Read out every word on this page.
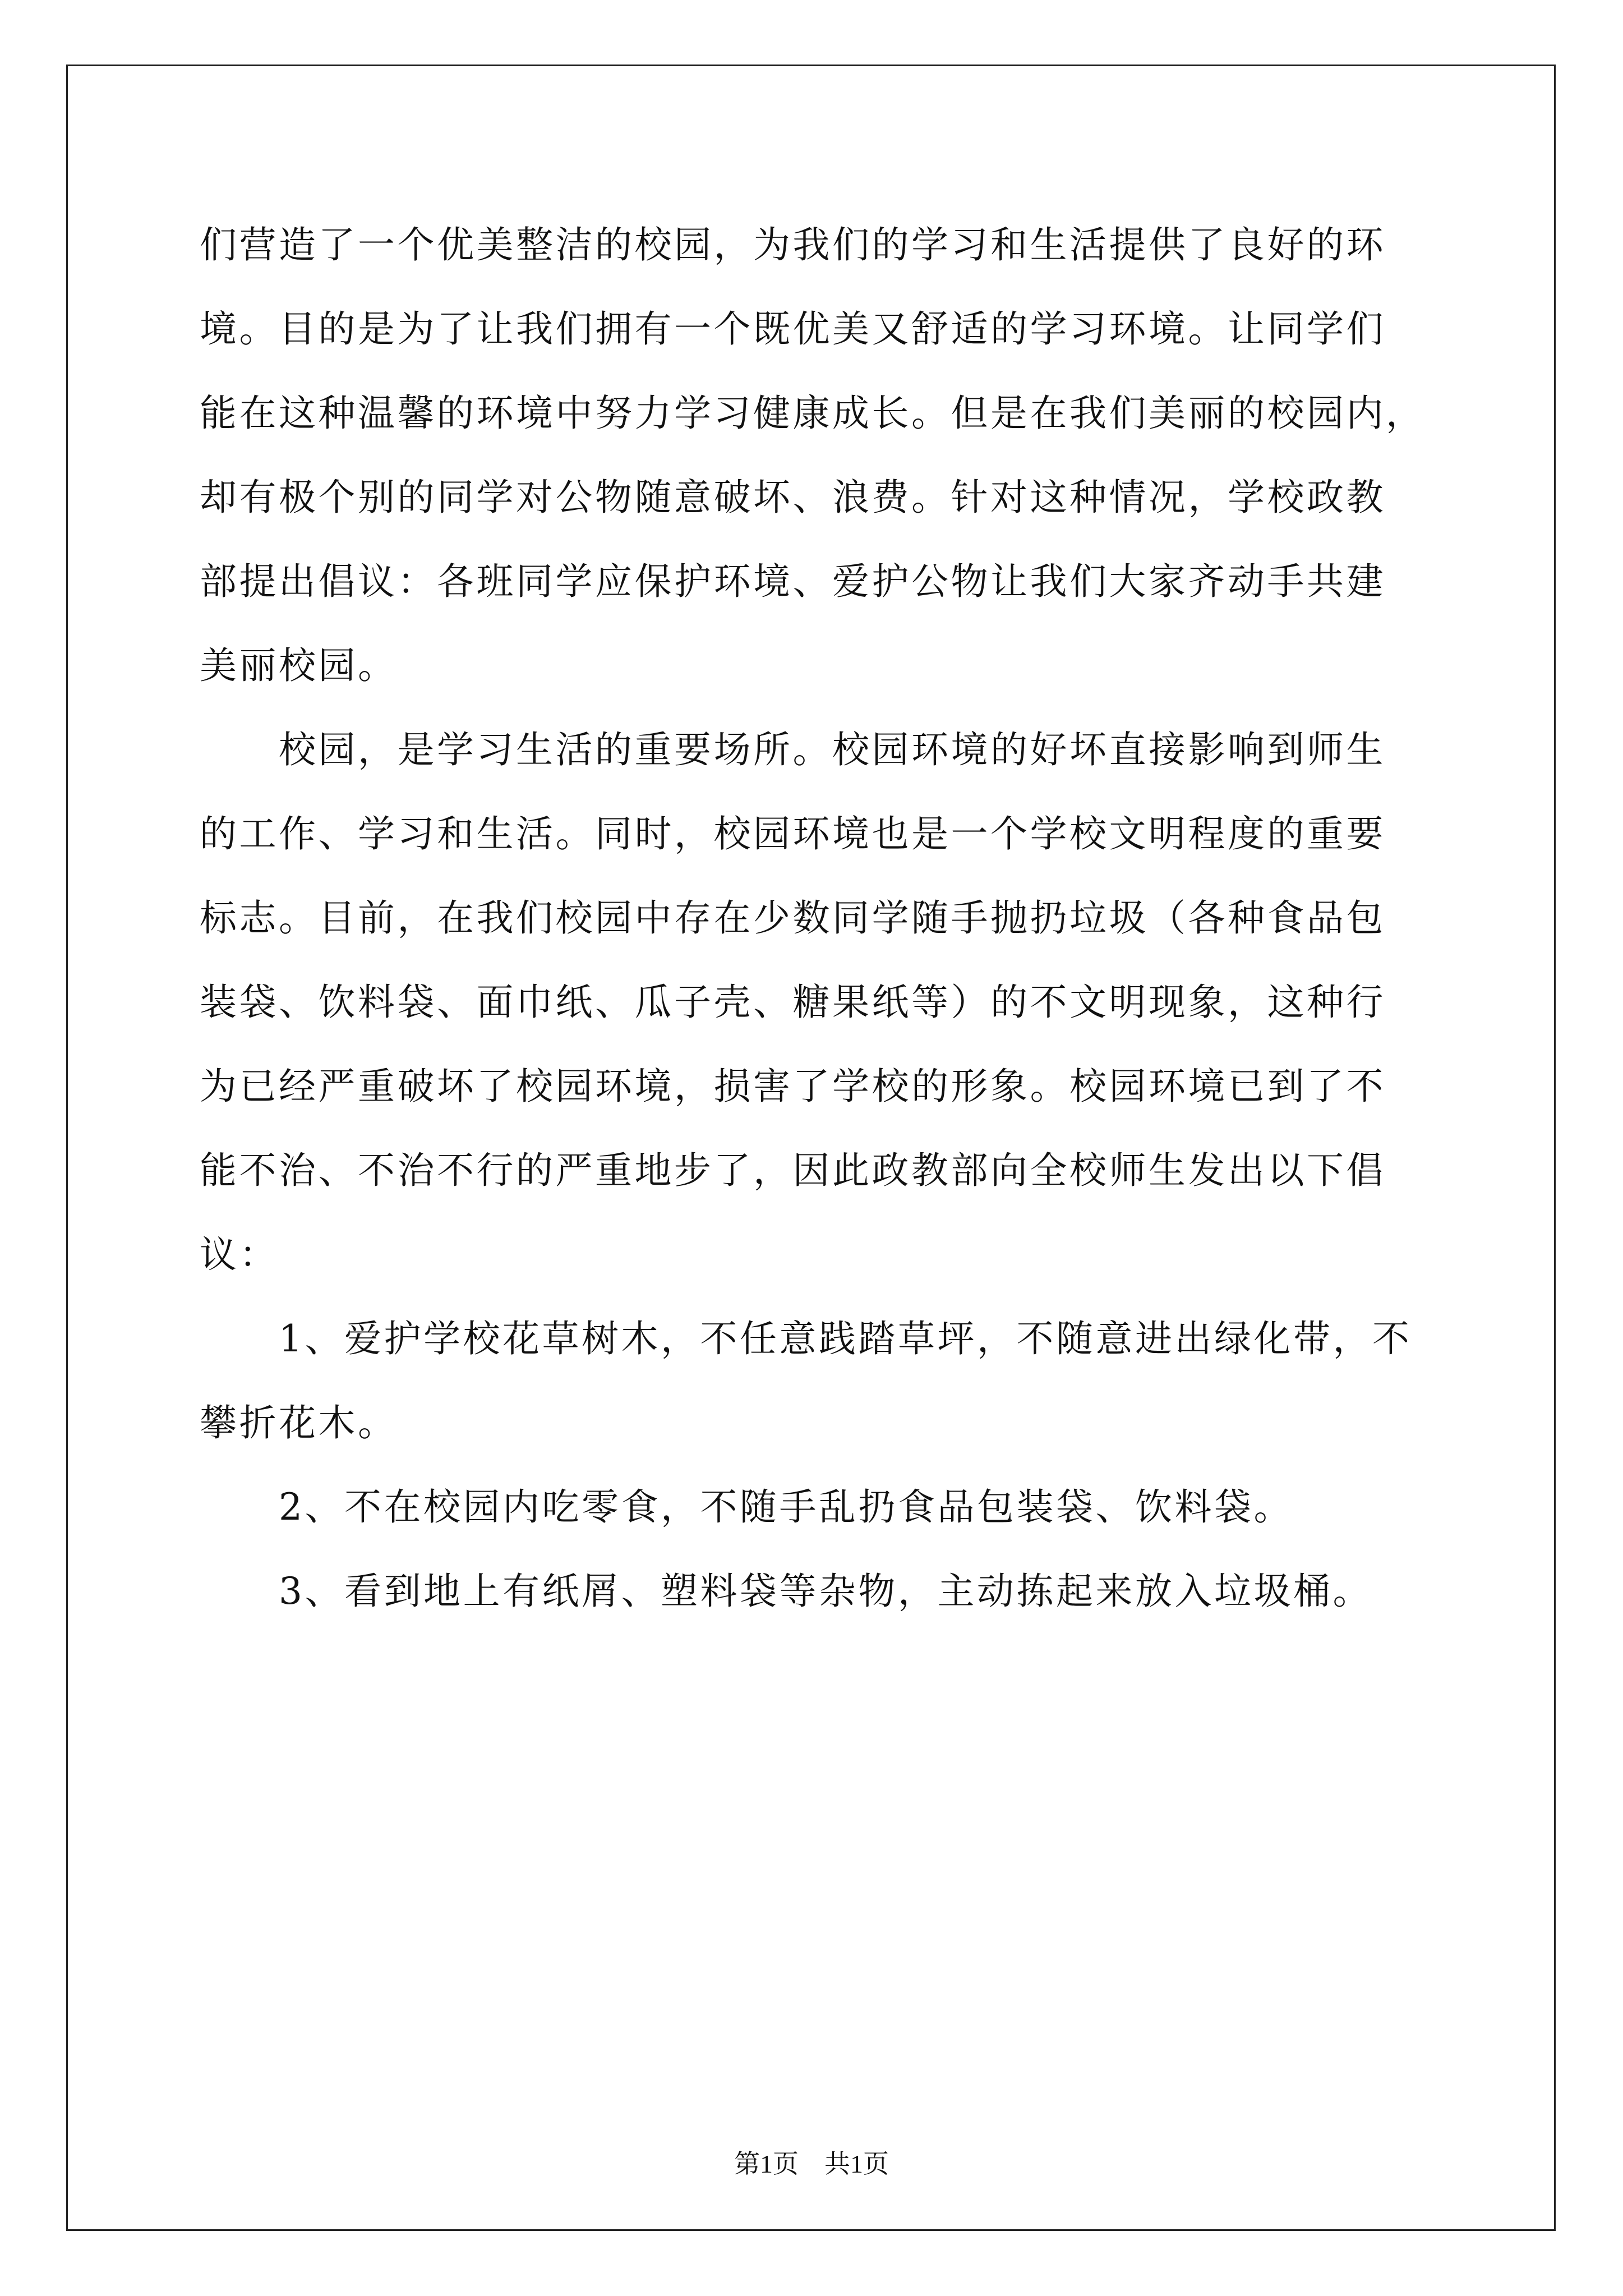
们营造了一个优美整洁的校园，为我们的学习和生活提供了良好的环
境。目的是为了让我们拥有一个既优美又舒适的学习环境。让同学们
能在这种温馨的环境中努力学习健康成长。但是在我们美丽的校园内，
却有极个别的同学对公物随意破坏、浪费。针对这种情况，学校政教
部提出倡议：各班同学应保护环境、爱护公物让我们大家齐动手共建
美丽校园。
　　校园，是学习生活的重要场所。校园环境的好坏直接影响到师生
的工作、学习和生活。同时，校园环境也是一个学校文明程度的重要
标志。目前，在我们校园中存在少数同学随手抛扔垃圾（各种食品包
装袋、饮料袋、面巾纸、瓜子壳、糖果纸等）的不文明现象，这种行
为已经严重破坏了校园环境，损害了学校的形象。校园环境已到了不
能不治、不治不行的严重地步了，因此政教部向全校师生发出以下倡
议：
　　1、爱护学校花草树木，不任意践踏草坪，不随意进出绿化带，不
攀折花木。
　　2、不在校园内吃零食，不随手乱扔食品包装袋、饮料袋。
　　3、看到地上有纸屑、塑料袋等杂物，主动拣起来放入垃圾桶。
第1页 共1页
